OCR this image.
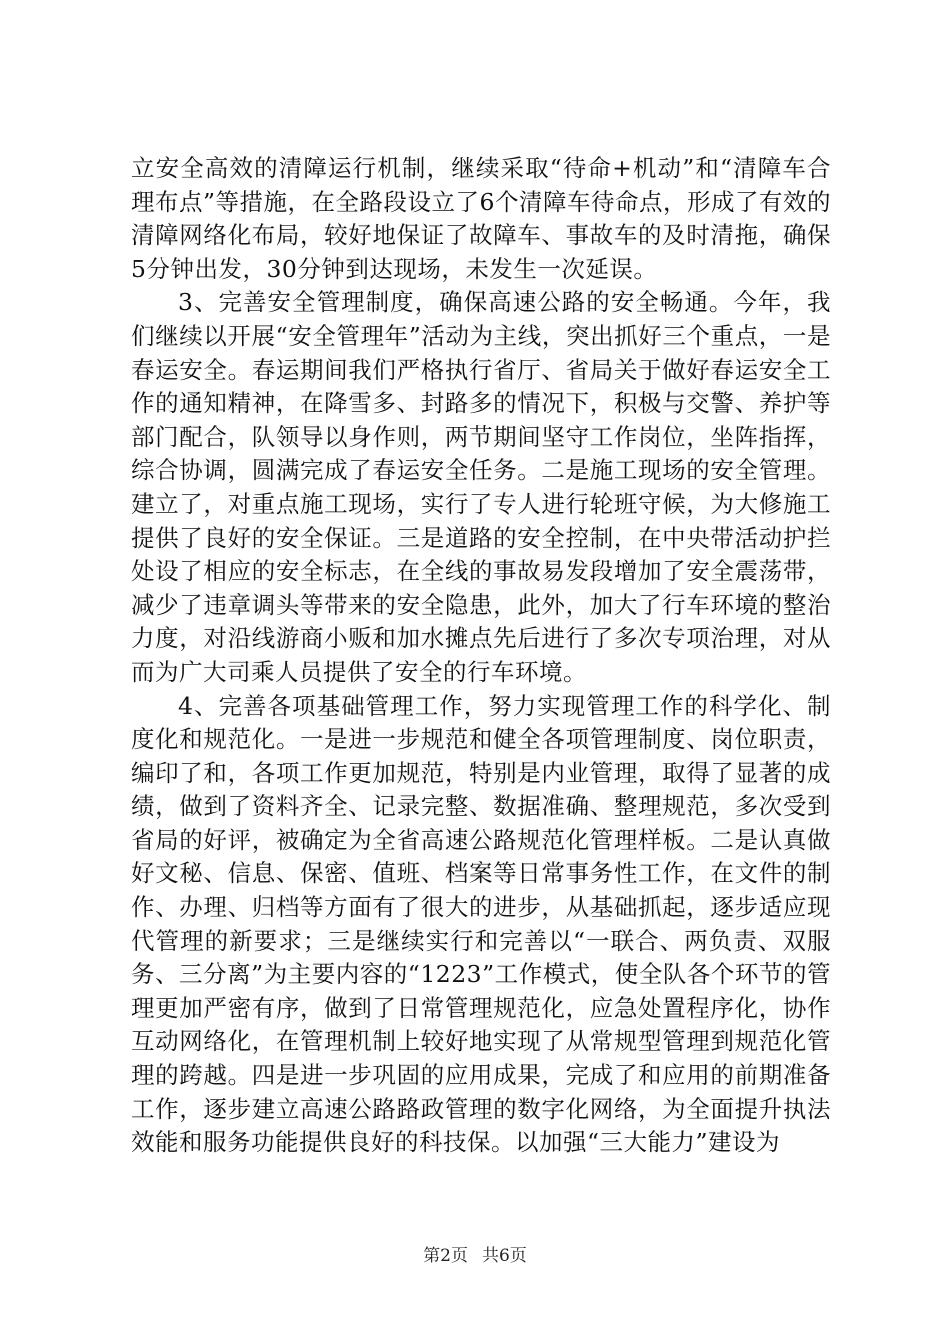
立安全高效的清障运行机制，继续采取“待命+机动”和“清障车合理布点”等措施，在全路段设立了6个清障车待命点，形成了有效的清障网络化布局，较好地保证了故障车、事故车的及时清拖，确保5分钟出发，30分钟到达现场，未发生一次延误。

3、完善安全管理制度，确保高速公路的安全畅通。今年，我们继续以开展“安全管理年”活动为主线，突出抓好三个重点，一是春运安全。春运期间我们严格执行省厅、省局关于做好春运安全工作的通知精神，在降雪多、封路多的情况下，积极与交警、养护等部门配合，队领导以身作则，两节期间坚守工作岗位，坐阵指挥，综合协调，圆满完成了春运安全任务。二是施工现场的安全管理。建立了，对重点施工现场，实行了专人进行轮班守候，为大修施工提供了良好的安全保证。三是道路的安全控制，在中央带活动护拦处设了相应的安全标志，在全线的事故易发段增加了安全震荡带，减少了违章调头等带来的安全隐患，此外，加大了行车环境的整治力度，对沿线游商小贩和加水摊点先后进行了多次专项治理，对从而为广大司乘人员提供了安全的行车环境。

4、完善各项基础管理工作，努力实现管理工作的科学化、制度化和规范化。一是进一步规范和健全各项管理制度、岗位职责，编印了和，各项工作更加规范，特别是内业管理，取得了显著的成绩，做到了资料齐全、记录完整、数据准确、整理规范，多次受到省局的好评，被确定为全省高速公路规范化管理样板。二是认真做好文秘、信息、保密、值班、档案等日常事务性工作，在文件的制作、办理、归档等方面有了很大的进步，从基础抓起，逐步适应现代管理的新要求；三是继续实行和完善以“一联合、两负责、双服务、三分离”为主要内容的“1223”工作模式，使全队各个环节的管理更加严密有序，做到了日常管理规范化，应急处置程序化，协作互动网络化，在管理机制上较好地实现了从常规型管理到规范化管理的跨越。四是进一步巩固的应用成果，完成了和应用的前期准备工作，逐步建立高速公路路政管理的数字化网络，为全面提升执法效能和服务功能提供良好的科技保。以加强“三大能力”建设为

第2页 共6页
